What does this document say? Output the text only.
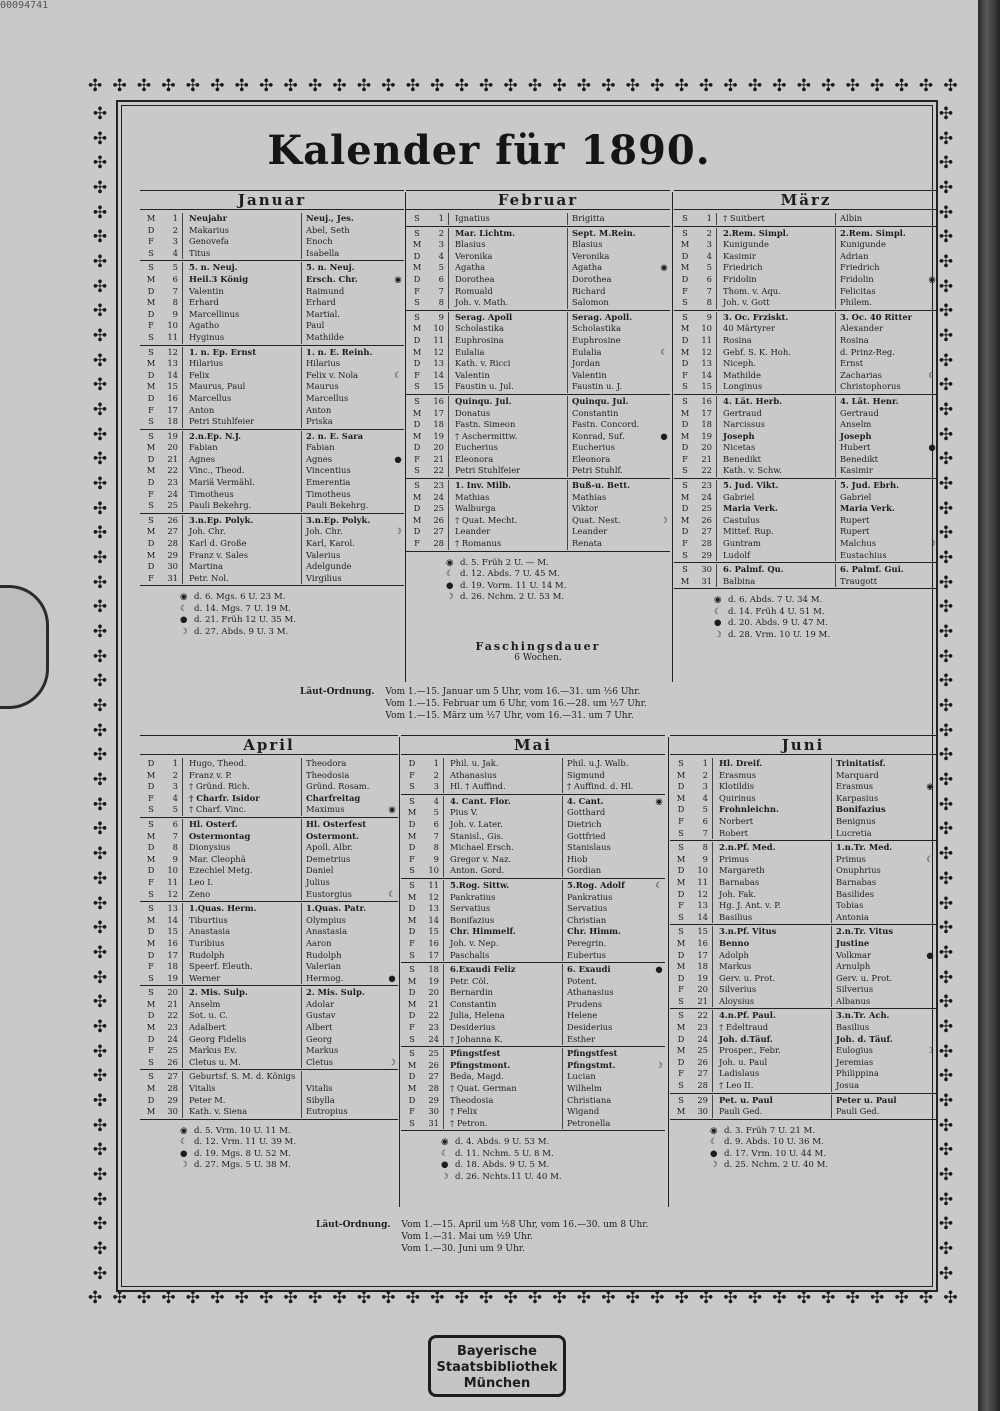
00094741
✣ ✣ ✣ ✣ ✣ ✣ ✣ ✣ ✣ ✣ ✣ ✣ ✣ ✣ ✣ ✣ ✣ ✣ ✣ ✣ ✣ ✣ ✣ ✣ ✣ ✣ ✣ ✣ ✣ ✣ ✣ ✣ ✣ ✣ ✣ ✣
✣ ✣ ✣ ✣ ✣ ✣ ✣ ✣ ✣ ✣ ✣ ✣ ✣ ✣ ✣ ✣ ✣ ✣ ✣ ✣ ✣ ✣ ✣ ✣ ✣ ✣ ✣ ✣ ✣ ✣ ✣ ✣ ✣ ✣ ✣ ✣
✣
✣
✣
✣
✣
✣
✣
✣
✣
✣
✣
✣
✣
✣
✣
✣
✣
✣
✣
✣
✣
✣
✣
✣
✣
✣
✣
✣
✣
✣
✣
✣
✣
✣
✣
✣
✣
✣
✣
✣
✣
✣
✣
✣
✣
✣
✣
✣
✣
✣
✣
✣
✣
✣
✣
✣
✣
✣
✣
✣
✣
✣
✣
✣
✣
✣
✣
✣
✣
✣
✣
✣
✣
✣
✣
✣
✣
✣
✣
✣
✣
✣
✣
✣
✣
✣
✣
✣
✣
✣
✣
✣
✣
✣
✣
✣
Kalender für 1890.
Januar
M	1	Neujahr	Neuj., Jes.
D	2	Makarius	Abel, Seth
F	3	Genovefa	Enoch
S	4	Titus	Isabella
S	5	5. n. Neuj.	5. n. Neuj.
M	6	Heil.3 König	Ersch. Chr.	◉
D	7	Valentin	Raimund
M	8	Erhard	Erhard
D	9	Marcellinus	Martial.
F	10	Agatho	Paul
S	11	Hyginus	Mathilde
S	12	1. n. Ep. Ernst	1. n. E. Reinh.
M	13	Hilarius	Hilarius
D	14	Felix	Felix v. Nola	☾
M	15	Maurus, Paul	Maurus
D	16	Marcellus	Marcellus
F	17	Anton	Anton
S	18	Petri Stuhlfeier	Priska
S	19	2.n.Ep. N.J.	2. n. E. Sara
M	20	Fabian	Fabian
D	21	Agnes	Agnes	●
M	22	Vinc., Theod.	Vincentius
D	23	Mariä Vermähl.	Emerentia
F	24	Timotheus	Timotheus
S	25	Pauli Bekehrg.	Pauli Bekehrg.
S	26	3.n.Ep. Polyk.	3.n.Ep. Polyk.
M	27	Joh. Chr.	Joh. Chr.	☽
D	28	Karl d. Große	Karl, Karol.
M	29	Franz v. Sales	Valerius
D	30	Martina	Adelgunde
F	31	Petr. Nol.	Virgilius
◉ d. 6. Mgs. 6 U. 23 M.
☾ d. 14. Mgs. 7 U. 19 M.
● d. 21. Früh 12 U. 35 M.
☽ d. 27. Abds. 9 U. 3 M.
Februar
S	1	Ignatius	Brigitta
S	2	Mar. Lichtm.	Sept. M.Rein.
M	3	Blasius	Blasius
D	4	Veronika	Veronika
M	5	Agatha	Agatha	◉
D	6	Dorothea	Dorothea
F	7	Romuald	Richard
S	8	Joh. v. Math.	Salomon
S	9	Serag. Apoll	Serag. Apoll.
M	10	Scholastika	Scholastika
D	11	Euphrosina	Euphrosine
M	12	Eulalia	Eulalia	☾
D	13	Kath. v. Ricci	Jordan
F	14	Valentin	Valentin
S	15	Faustin u. Jul.	Faustin u. J.
S	16	Quinqu. Jul.	Quinqu. Jul.
M	17	Donatus	Constantin
D	18	Fastn. Simeon	Fastn. Concord.
M	19	† Aschermittw.	Konrad, Suf.	●
D	20	Eucherius	Eucherius
F	21	Eleonora	Eleonora
S	22	Petri Stuhlfeier	Petri Stuhlf.
S	23	1. Inv. Milb.	Buß-u. Bett.
M	24	Mathias	Mathias
D	25	Walburga	Viktor
M	26	† Quat. Mecht.	Quat. Nest.	☽
D	27	Leander	Leander
F	28	† Romanus	Renata
◉ d. 5. Früh 2 U. — M.
☾ d. 12. Abds. 7 U. 45 M.
● d. 19. Vorm. 11 U. 14 M.
☽ d. 26. Nchm. 2 U. 53 M.
März
S	1	† Suitbert	Albin
S	2	2.Rem. Simpl.	2.Rem. Simpl.
M	3	Kunigunde	Kunigunde
D	4	Kasimir	Adrian
M	5	Friedrich	Friedrich
D	6	Fridolin	Fridolin	◉
F	7	Thom. v. Aqu.	Felicitas
S	8	Joh. v. Gott	Philem.
S	9	3. Oc. Frziskt.	3. Oc. 40 Ritter
M	10	40 Märtyrer	Alexander
D	11	Rosina	Rosina
M	12	Gebf. S. K. Hoh.	d. Prinz-Reg.
D	13	Niceph.	Ernst
F	14	Mathilde	Zacharias	☾
S	15	Longinus	Christophorus
S	16	4. Lät. Herb.	4. Lät. Henr.
M	17	Gertraud	Gertraud
D	18	Narcissus	Anselm
M	19	Joseph	Joseph
D	20	Nicetas	Hubert	●
F	21	Benedikt	Benedikt
S	22	Kath. v. Schw.	Kasimir
S	23	5. Jud. Vikt.	5. Jud. Ebrh.
M	24	Gabriel	Gabriel
D	25	Maria Verk.	Maria Verk.
M	26	Castulus	Rupert
D	27	Mittef. Rup.	Rupert
F	28	Guntram	Malchus	☽
S	29	Ludolf	Eustachius
S	30	6. Palmf. Qu.	6. Palmf. Gui.
M	31	Balbina	Traugott
◉ d. 6. Abds. 7 U. 34 M.
☾ d. 14. Früh 4 U. 51 M.
● d. 20. Abds. 9 U. 47 M.
☽ d. 28. Vrm. 10 U. 19 M.
Faschingsdauer
6 Wochen.
Läut-Ordnung. Vom 1.—15. Januar um 5 Uhr, vom 16.—31. um ½6 Uhr.
Vom 1.—15. Februar um 6 Uhr, vom 16.—28. um ½7 Uhr.
Vom 1.—15. März um ½7 Uhr, vom 16.—31. um 7 Uhr.
April
D	1	Hugo, Theod.	Theodora
M	2	Franz v. P.	Theodosia
D	3	† Gründ. Rich.	Gründ. Rosam.
F	4	† Charfr. Isidor	Charfreitag
S	5	† Charf. Vinc.	Maximus	◉
S	6	Hl. Osterf.	Hl. Osterfest
M	7	Ostermontag	Ostermont.
D	8	Dionysius	Apoll. Albr.
M	9	Mar. Cleophä	Demetrius
D	10	Ezechiel Metg.	Daniel
F	11	Leo I.	Julius
S	12	Zeno	Eustorgius	☾
S	13	1.Quas. Herm.	1.Quas. Patr.
M	14	Tiburtius	Olympius
D	15	Anastasia	Anastasia
M	16	Turibius	Aaron
D	17	Rudolph	Rudolph
F	18	Speerf. Eleuth.	Valerian
S	19	Werner	Hermog.	●
S	20	2. Mis. Sulp.	2. Mis. Sulp.
M	21	Anselm	Adolar
D	22	Sot. u. C.	Gustav
M	23	Adalbert	Albert
D	24	Georg Fidelis	Georg
F	25	Markus Ev.	Markus
S	26	Cletus u. M.	Cletus	☽
S	27	Geburtsf. S. M. d. Königs
M	28	Vitalis	Vitalis
D	29	Peter M.	Sibylla
M	30	Kath. v. Siena	Eutropius
◉ d. 5. Vrm. 10 U. 11 M.
☾ d. 12. Vrm. 11 U. 39 M.
● d. 19. Mgs. 8 U. 52 M.
☽ d. 27. Mgs. 5 U. 38 M.
Mai
D	1	Phil. u. Jak.	Phil. u.J. Walb.
F	2	Athanasius	Sigmund
S	3	Hl. † Auffind.	† Auffind. d. Hl.
S	4	4. Cant. Flor.	4. Cant.	◉
M	5	Pius V.	Gotthard
D	6	Joh. v. Later.	Dietrich
M	7	Stanisl., Gis.	Gottfried
D	8	Michael Ersch.	Stanislaus
F	9	Gregor v. Naz.	Hiob
S	10	Anton. Gord.	Gordian
S	11	5.Rog. Sittw.	5.Rog. Adolf	☾
M	12	Pankratius	Pankratius
D	13	Servatius	Servatius
M	14	Bonifazius	Christian
D	15	Chr. Himmelf.	Chr. Himm.
F	16	Joh. v. Nep.	Peregrin.
S	17	Paschalis	Eubertus
S	18	6.Exaudi Feliz	6. Exaudi	●
M	19	Petr. Cöl.	Potent.
D	20	Bernardin	Athanasius
M	21	Constantin	Prudens
D	22	Julia, Helena	Helene
F	23	Desiderius	Desiderius
S	24	† Johanna K.	Esther
S	25	Pfingstfest	Pfingstfest
M	26	Pfingstmont.	Pfingstmt.	☽
D	27	Beda, Magd.	Lucian
M	28	† Quat. German	Wilhelm
D	29	Theodosia	Christiana
F	30	† Felix	Wigand
S	31	† Petron.	Petronella
◉ d. 4. Abds. 9 U. 53 M.
☾ d. 11. Nchm. 5 U. 8 M.
● d. 18. Abds. 9 U. 5 M.
☽ d. 26. Nchts.11 U. 40 M.
Juni
S	1	Hl. Dreif.	Trinitatisf.
M	2	Erasmus	Marquard
D	3	Klotildis	Erasmus	◉
M	4	Quirinus	Karpasius
D	5	Frohnleichn.	Bonifazius
F	6	Norbert	Benignus
S	7	Robert	Lucretia
S	8	2.n.Pf. Med.	1.n.Tr. Med.
M	9	Primus	Primus	☾
D	10	Margareth	Onuphrius
M	11	Barnabas	Barnabas
D	12	Joh. Fak.	Basilides
F	13	Hg. J. Ant. v. P.	Tobias
S	14	Basilius	Antonia
S	15	3.n.Pf. Vitus	2.n.Tr. Vitus
M	16	Benno	Justine
D	17	Adolph	Volkmar	●
M	18	Markus	Arnulph
D	19	Gerv. u. Prot.	Gerv. u. Prot.
F	20	Silverius	Silverius
S	21	Aloysius	Albanus
S	22	4.n.Pf. Paul.	3.n.Tr. Ach.
M	23	† Edeltraud	Basilius
D	24	Joh. d.Täuf.	Joh. d. Täuf.
M	25	Prosper., Febr.	Eulogius	☽
D	26	Joh. u. Paul	Jeremias
F	27	Ladislaus	Philippina
S	28	† Leo II.	Josua
S	29	Pet. u. Paul	Peter u. Paul
M	30	Pauli Ged.	Pauli Ged.
◉ d. 3. Früh 7 U. 21 M.
☾ d. 9. Abds. 10 U. 36 M.
● d. 17. Vrm. 10 U. 44 M.
☽ d. 25. Nchm. 2 U. 40 M.
Läut-Ordnung. Vom 1.—15. April um ½8 Uhr, vom 16.—30. um 8 Uhr.
Vom 1.—31. Mai um ½9 Uhr.
Vom 1.—30. Juni um 9 Uhr.
Bayerische
Staatsbibliothek
München
